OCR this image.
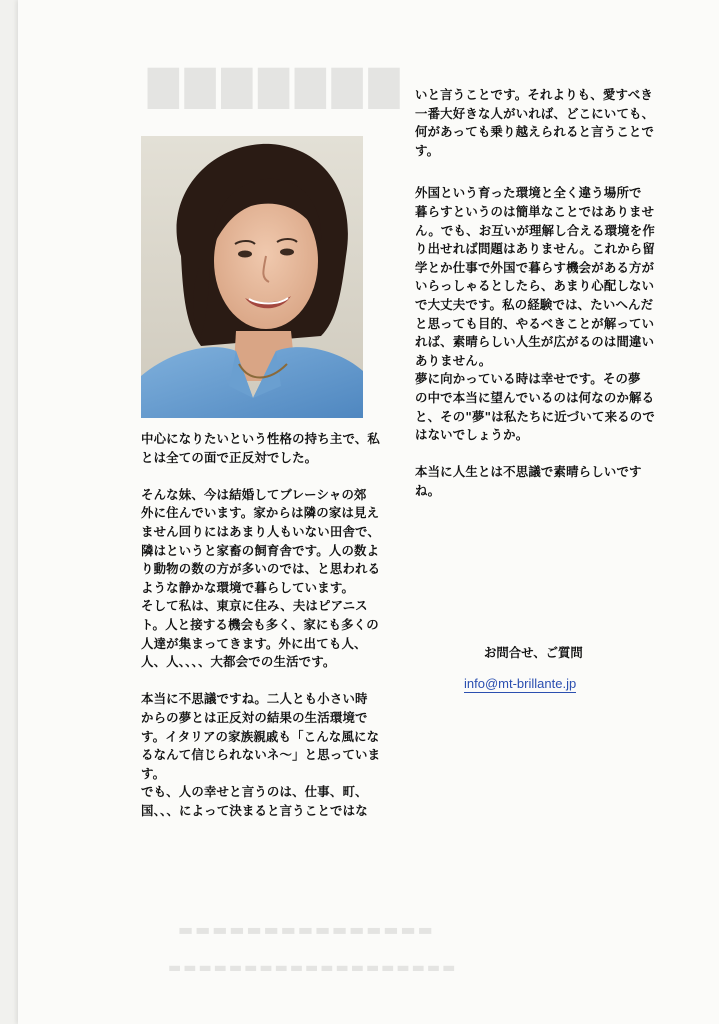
▇▇▇▇▇▇▇
▬▬▬▬▬▬▬▬▬▬▬▬▬▬▬
▬▬▬▬▬▬▬▬▬▬▬▬▬▬▬▬▬▬▬

中心になりたいという性格の持ち主で、私

とは全ての面で正反対でした。

そんな妹、今は結婚してブレーシャの郊

外に住んでいます。家からは隣の家は見え

ません回りにはあまり人もいない田舎で、

隣はというと家畜の飼育舎です。人の数よ

り動物の数の方が多いのでは、と思われる

ような静かな環境で暮らしています。

そして私は、東京に住み、夫はピアニス

ト。人と接する機会も多く、家にも多くの

人達が集まってきます。外に出ても人、

人、人、、、、大都会での生活です。

本当に不思議ですね。二人とも小さい時

からの夢とは正反対の結果の生活環境で

す。イタリアの家族親戚も「こんな風にな

るなんて信じられないネ～」と思っていま

す。

でも、人の幸せと言うのは、仕事、町、

国、、、によって決まると言うことではな

いと言うことです。それよりも、愛すべき

一番大好きな人がいれば、どこにいても、

何があっても乗り越えられると言うことで

す。

外国という育った環境と全く違う場所で

暮らすというのは簡単なことではありませ

ん。でも、お互いが理解し合える環境を作

り出せれば問題はありません。これから留

学とか仕事で外国で暮らす機会がある方が

いらっしゃるとしたら、あまり心配しない

で大丈夫です。私の経験では、たいへんだ

と思っても目的、やるべきことが解ってい

れば、素晴らしい人生が広がるのは間違い

ありません。

夢に向かっている時は幸せです。その夢

の中で本当に望んでいるのは何なのか解る

と、その"夢"は私たちに近づいて来るので

はないでしょうか。

本当に人生とは不思議で素晴らしいです

ね。

お問合せ、ご質問
info@mt-brillante.jp
